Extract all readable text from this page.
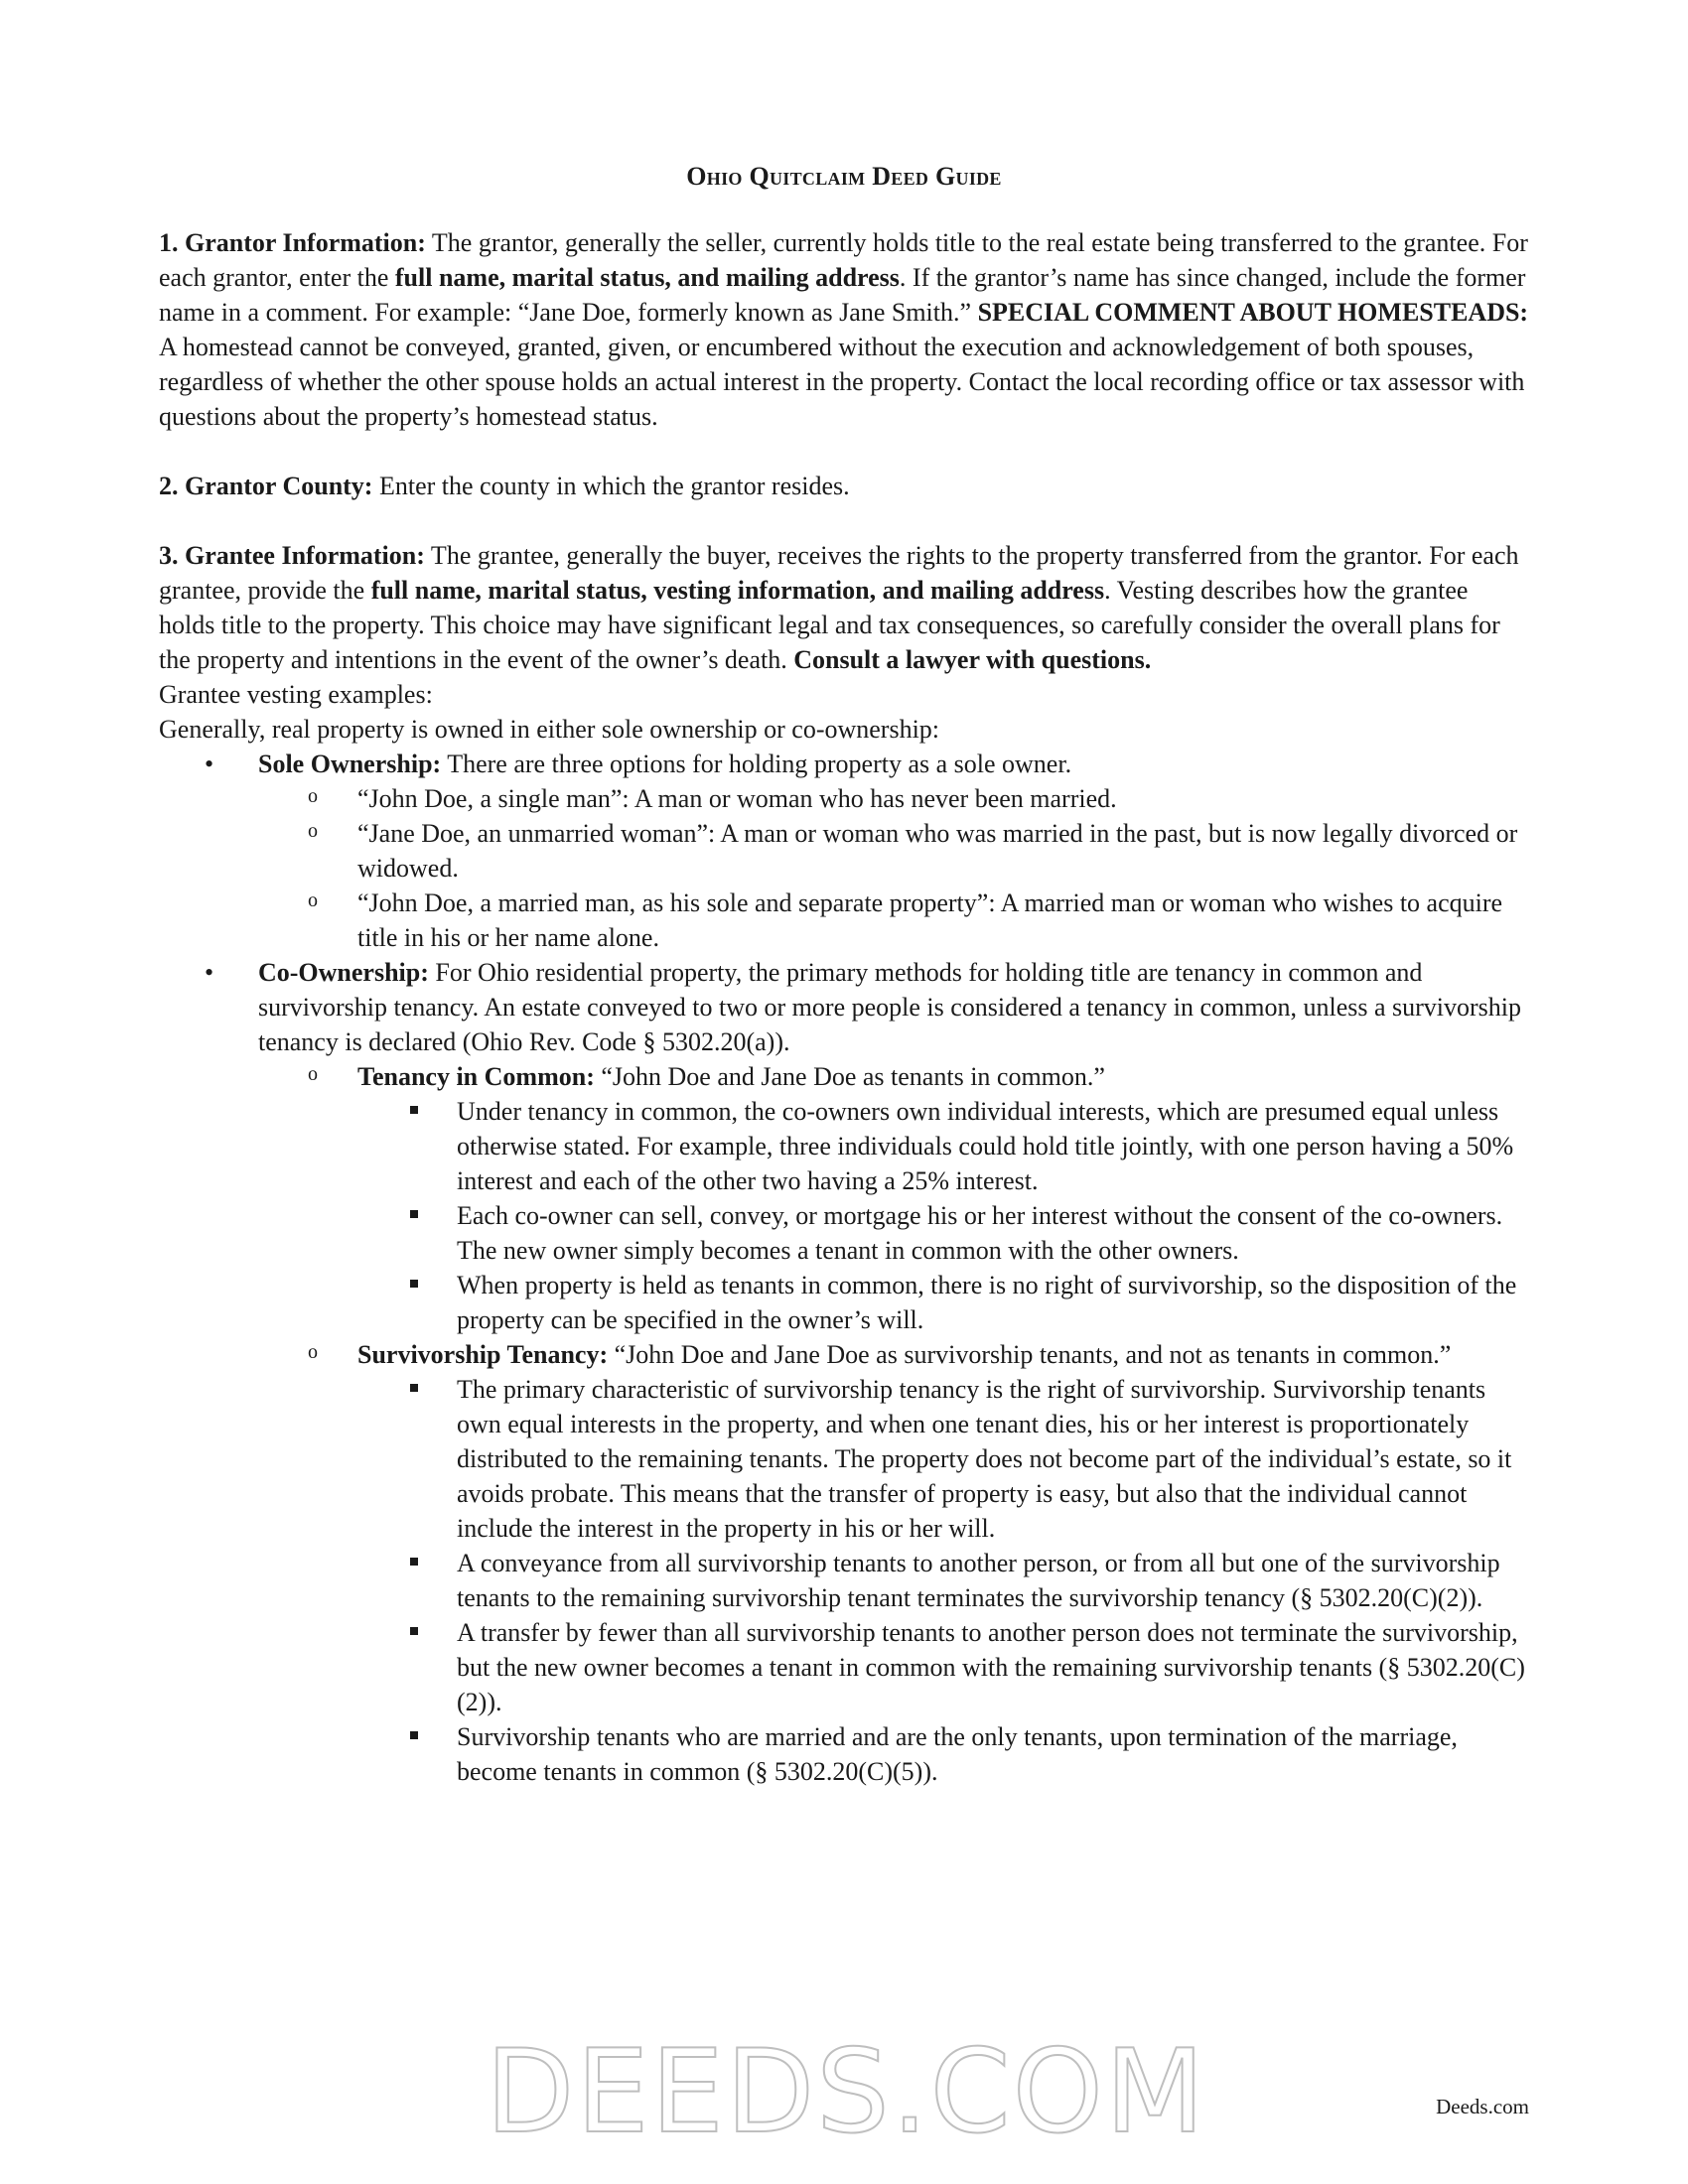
Ohio Quitclaim Deed Guide

1. Grantor Information: The grantor, generally the seller, currently holds title to the real estate being transferred to the grantee. For each grantor, enter the full name, marital status, and mailing address. If the grantor’s name has since changed, include the former name in a comment. For example: “Jane Doe, formerly known as Jane Smith.” SPECIAL COMMENT ABOUT HOMESTEADS: A homestead cannot be conveyed, granted, given, or encumbered without the execution and acknowledgement of both spouses, regardless of whether the other spouse holds an actual interest in the property. Contact the local recording office or tax assessor with questions about the property’s homestead status.

2. Grantor County: Enter the county in which the grantor resides.

3. Grantee Information: The grantee, generally the buyer, receives the rights to the property transferred from the grantor. For each grantee, provide the full name, marital status, vesting information, and mailing address. Vesting describes how the grantee holds title to the property. This choice may have significant legal and tax consequences, so carefully consider the overall plans for the property and intentions in the event of the owner’s death. Consult a lawyer with questions.

Grantee vesting examples:

Generally, real property is owned in either sole ownership or co-ownership:

• Sole Ownership: There are three options for holding property as a sole owner.
o “John Doe, a single man”: A man or woman who has never been married.
o “Jane Doe, an unmarried woman”: A man or woman who was married in the past, but is now legally divorced or widowed.
o “John Doe, a married man, as his sole and separate property”: A married man or woman who wishes to acquire title in his or her name alone.
• Co-Ownership: For Ohio residential property, the primary methods for holding title are tenancy in common and survivorship tenancy. An estate conveyed to two or more people is considered a tenancy in common, unless a survivorship tenancy is declared (Ohio Rev. Code § 5302.20(a)).
o Tenancy in Common: “John Doe and Jane Doe as tenants in common.”
Under tenancy in common, the co-owners own individual interests, which are presumed equal unless otherwise stated. For example, three individuals could hold title jointly, with one person having a 50% interest and each of the other two having a 25% interest.
Each co-owner can sell, convey, or mortgage his or her interest without the consent of the co-owners. The new owner simply becomes a tenant in common with the other owners.
When property is held as tenants in common, there is no right of survivorship, so the disposition of the property can be specified in the owner’s will.
o Survivorship Tenancy: “John Doe and Jane Doe as survivorship tenants, and not as tenants in common.”
The primary characteristic of survivorship tenancy is the right of survivorship. Survivorship tenants own equal interests in the property, and when one tenant dies, his or her interest is proportionately distributed to the remaining tenants. The property does not become part of the individual’s estate, so it avoids probate. This means that the transfer of property is easy, but also that the individual cannot include the interest in the property in his or her will.
A conveyance from all survivorship tenants to another person, or from all but one of the survivorship tenants to the remaining survivorship tenant terminates the survivorship tenancy (§ 5302.20(C)(2)).
A transfer by fewer than all survivorship tenants to another person does not terminate the survivorship, but the new owner becomes a tenant in common with the remaining survivorship tenants (§ 5302.20(C)(2)).
Survivorship tenants who are married and are the only tenants, upon termination of the marriage, become tenants in common (§ 5302.20(C)(5)).
DEEDS.COM	Deeds.com
